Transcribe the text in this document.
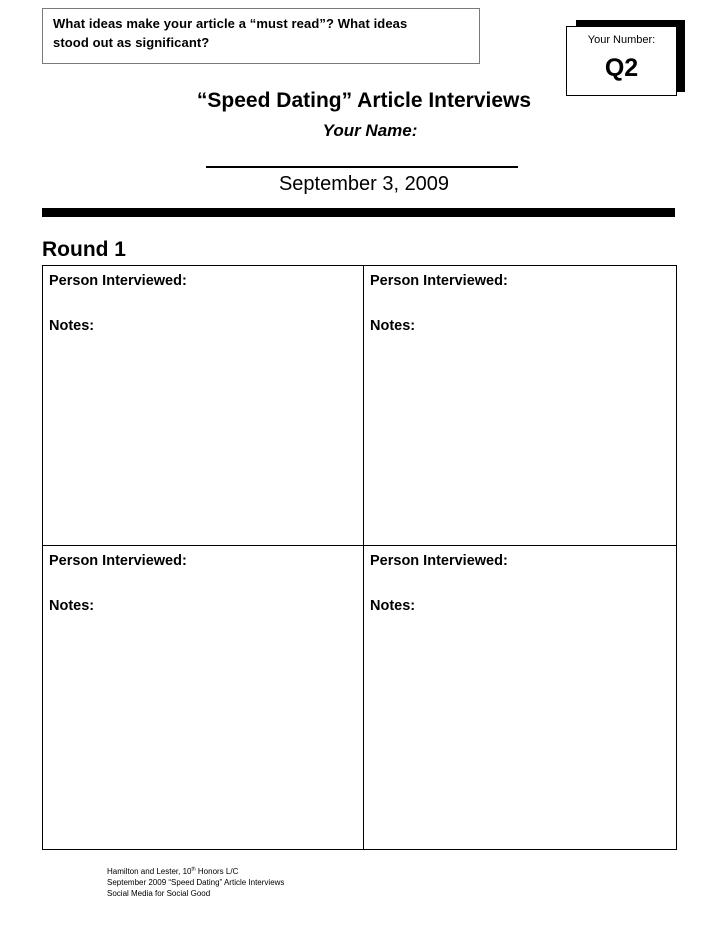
What ideas make your article a “must read”? What ideas
stood out as significant?	Your Number:
Q2
“Speed Dating” Article Interviews
Your Name:
September 3, 2009
Round 1
Person Interviewed:
Notes:
Person Interviewed:
Notes:
Person Interviewed:
Notes:
Person Interviewed:
Notes:
Hamilton and Lester, 10th Honors L/C
September 2009 “Speed Dating” Article Interviews
Social Media for Social Good
